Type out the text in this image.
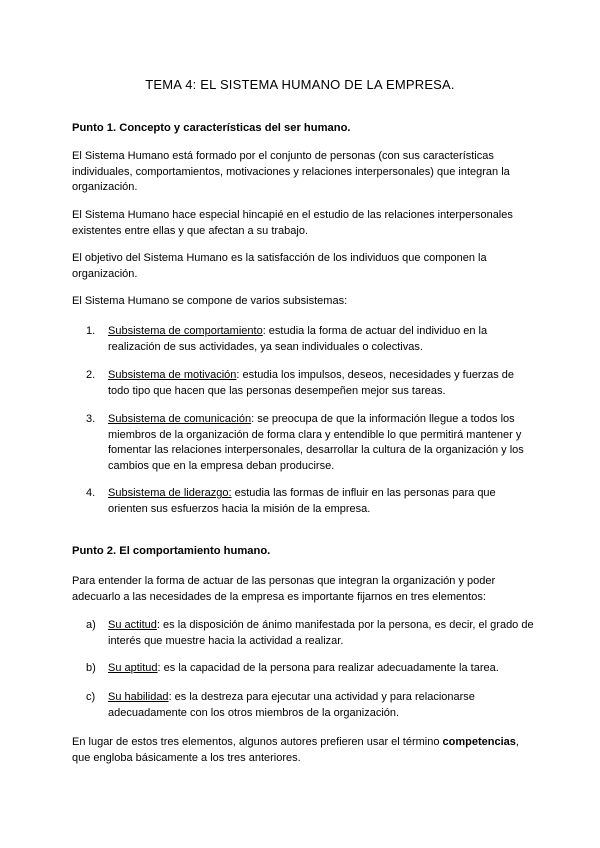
TEMA 4: EL SISTEMA HUMANO DE LA EMPRESA.
Punto 1. Concepto y características del ser humano.
El Sistema Humano está formado por el conjunto de personas (con sus características individuales, comportamientos, motivaciones y relaciones interpersonales) que integran la organización.
El Sistema Humano hace especial hincapié en el estudio de las relaciones interpersonales existentes entre ellas y que afectan a su trabajo.
El objetivo del Sistema Humano es la satisfacción de los individuos que componen la organización.
El Sistema Humano se compone de varios subsistemas:
1.	Subsistema de comportamiento: estudia la forma de actuar del individuo en la realización de sus actividades, ya sean individuales o colectivas.
2.	Subsistema de motivación: estudia los impulsos, deseos, necesidades y fuerzas de todo tipo que hacen que las personas desempeñen mejor sus tareas.
3.	Subsistema de comunicación: se preocupa de que la información llegue a todos los miembros de la organización de forma clara y entendible lo que permitirá mantener y fomentar las relaciones interpersonales, desarrollar la cultura de la organización y los cambios que en la empresa deban producirse.
4.	Subsistema de liderazgo: estudia las formas de influir en las personas para que orienten sus esfuerzos hacia la misión de la empresa.
Punto 2. El comportamiento humano.
Para entender la forma de actuar de las personas que integran la organización y poder adecuarlo a las necesidades de la empresa es importante fijarnos en tres elementos:
a)	Su actitud: es la disposición de ánimo manifestada por la persona, es decir, el grado de interés que muestre hacia la actividad a realizar.
b)	Su aptitud: es la capacidad de la persona para realizar adecuadamente la tarea.
c)	Su habilidad: es la destreza para ejecutar una actividad y para relacionarse adecuadamente con los otros miembros de la organización.
En lugar de estos tres elementos, algunos autores prefieren usar el término competencias, que engloba básicamente a los tres anteriores.
